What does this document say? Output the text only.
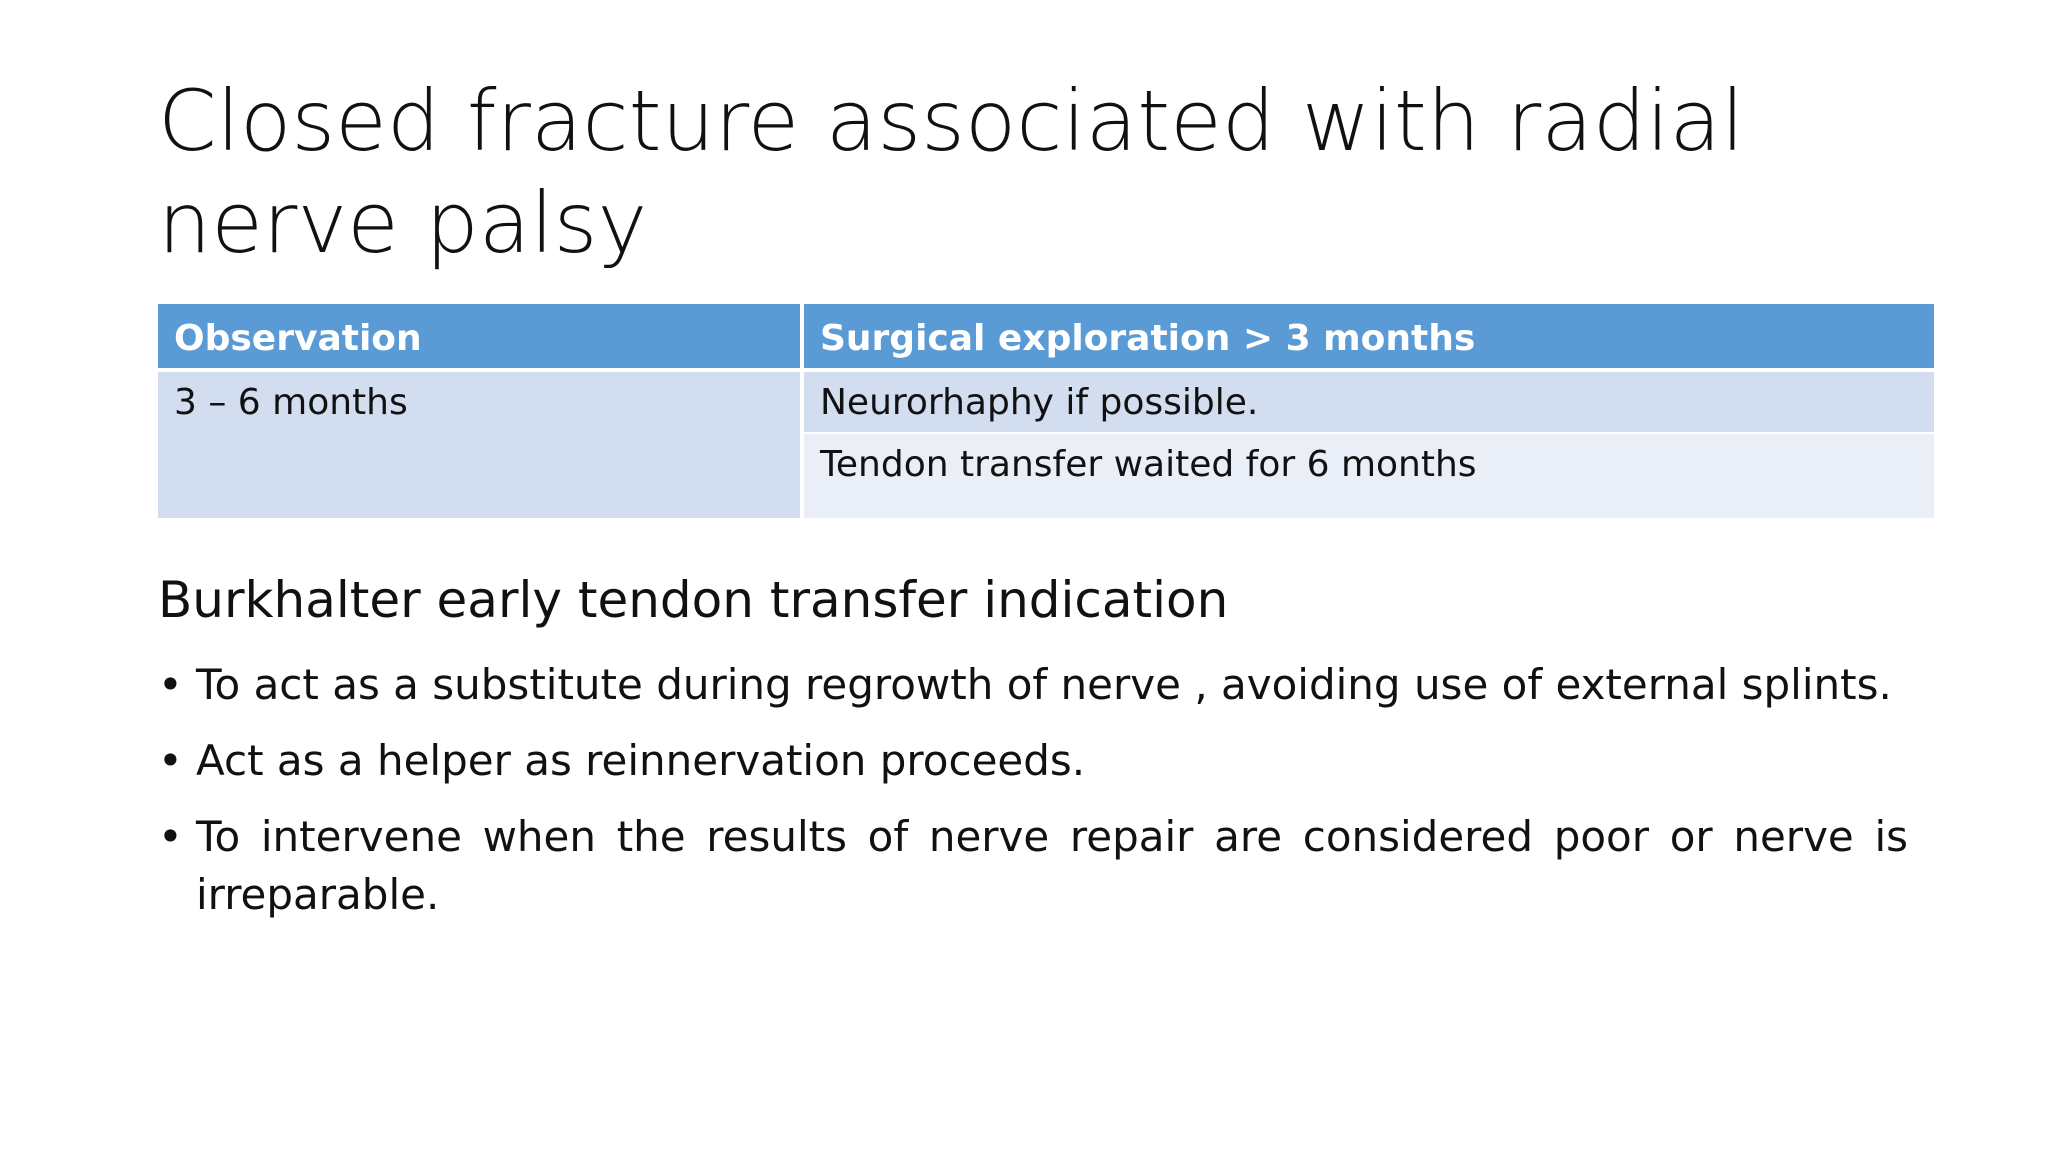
Closed fracture associated with radial nerve palsy
Observation	Surgical exploration > 3 months
3 – 6 months	Neurorhaphy if possible.
	Tendon transfer waited for 6 months
Burkhalter early tendon transfer indication
• To act as a substitute during regrowth of nerve , avoiding use of external splints.
• Act as a helper as reinnervation proceeds.
• To intervene when the results of nerve repair are considered poor or nerve is irreparable.
